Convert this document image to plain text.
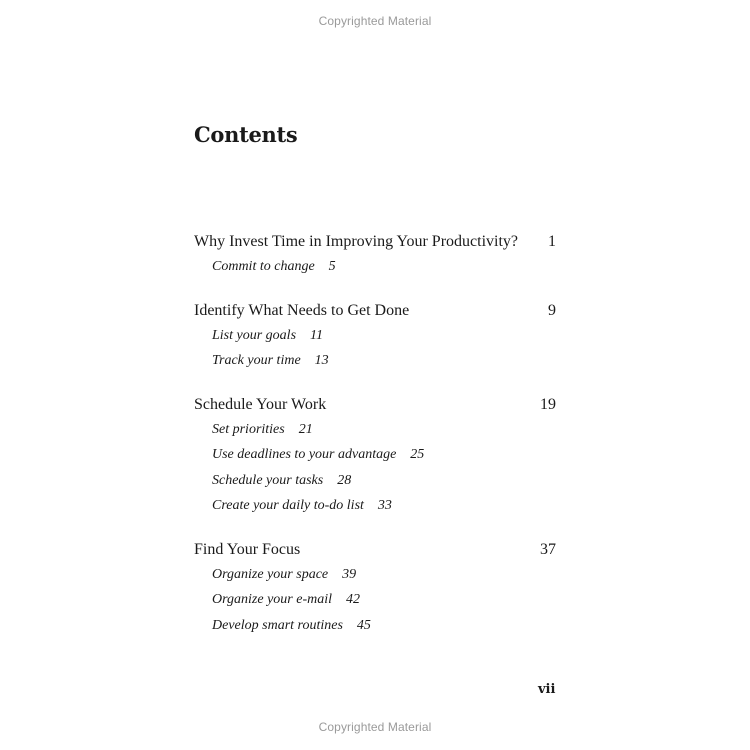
Copyrighted Material
Contents
Why Invest Time in Improving Your Productivity? 1
Commit to change 5
Identify What Needs to Get Done	9
List your goals 11
Track your time 13
Schedule Your Work	19
Set priorities 21
Use deadlines to your advantage 25
Schedule your tasks 28
Create your daily to-do list 33
Find Your Focus	37
Organize your space 39
Organize your e-mail 42
Develop smart routines 45
vii
Copyrighted Material
